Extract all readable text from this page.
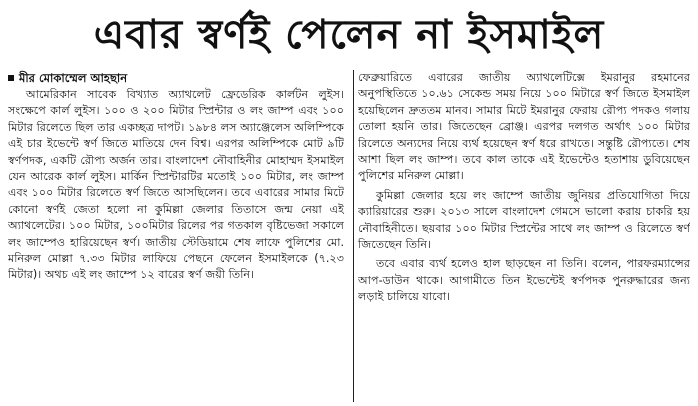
এবার স্বর্ণই পেলেন না ইসমাইল
মীর মোকাম্মেল আহছান

আমেরিকান সাবেক বিখ্যাত অ্যাথলেট ফ্রেডেরিক কার্লটন লুইস। সংক্ষেপে কার্ল লুইস। ১০০ ও ২০০ মিটার স্প্রিন্টার ও লং জাম্প এবং ১০০ মিটার রিলেতে ছিল তার একচ্ছত্র দাপট। ১৯৮৪ লস অ্যাঞ্জেলেস অলিম্পিকে এই চার ইভেন্টে স্বর্ণ জিতে মাতিয়ে দেন বিশ্ব। এরপর অলিম্পিকে মোট ৯টি স্বর্ণপদক, একটি রৌপ্য অর্জন তার। বাংলাদেশ নৌবাহিনীর মোহাম্মদ ইসমাইল যেন আরেক কার্ল লুইস। মার্কিন স্প্রিন্টারটির মতোই ১০০ মিটার, লং জাম্প এবং ১০০ মিটার রিলেতে স্বর্ণ জিতে আসছিলেন। তবে এবারের সামার মিটে কোনো স্বর্ণই জেতা হলো না কুমিল্লা জেলার তিতাসে জন্ম নেয়া এই অ্যাথলেটের। ১০০ মিটার, ১০০মিটার রিলের পর গতকাল বৃষ্টিভেজা সকালে লং জাম্পেও হারিয়েছেন স্বর্ণ। জাতীয় স্টেডিয়ামে শেষ লাফে পুলিশের মো. মনিরুল মোল্লা ৭.৩৩ মিটার লাফিয়ে পেছনে ফেলেন ইসমাইলকে (৭.২৩ মিটার)। অথচ এই লং জাম্পে ১২ বারের স্বর্ণ জয়ী তিনি।

ফেব্রুয়ারিতে এবারের জাতীয় অ্যাথলেটিক্সে ইমরানুর রহমানের অনুপস্থিতিতে ১০.৬১ সেকেন্ড সময় নিয়ে ১০০ মিটারে স্বর্ণ জিতে ইসমাইল হয়েছিলেন দ্রুততম মানব। সামার মিটে ইমরানুর ফেরায় রৌপ্য পদকও গলায় তোলা হয়নি তার। জিতেছেন ব্রোঞ্জ। এরপর দলগত অর্থাৎ ১০০ মিটার রিলেতে অন্যদের নিয়ে ব্যর্থ হয়েছেন স্বর্ণ ধরে রাখতে। সন্তুষ্টি রৌপ্যতে। শেষ আশা ছিল লং জাম্প। তবে কাল তাকে এই ইভেন্টেও হতাশায় ডুবিয়েছেন পুলিশের মনিরুল মোল্লা।

কুমিল্লা জেলার হয়ে লং জাম্পে জাতীয় জুনিয়র প্রতিযোগিতা দিয়ে ক্যারিয়ারের শুরু। ২০১৩ সালে বাংলাদেশ গেমসে ভালো করায় চাকরি হয় নৌবাহিনীতে। ছয়বার ১০০ মিটার স্প্রিন্টের সাথে লং জাম্প ও রিলেতে স্বর্ণ জিতেছেন তিনি।

তবে এবার ব্যর্থ হলেও হাল ছাড়ছেন না তিনি। বলেন, পারফরম্যান্সের আপ-ডাউন থাকে। আগামীতে তিন ইভেন্টেই স্বর্ণপদক পুনরুদ্ধারের জন্য লড়াই চালিয়ে যাবো।
